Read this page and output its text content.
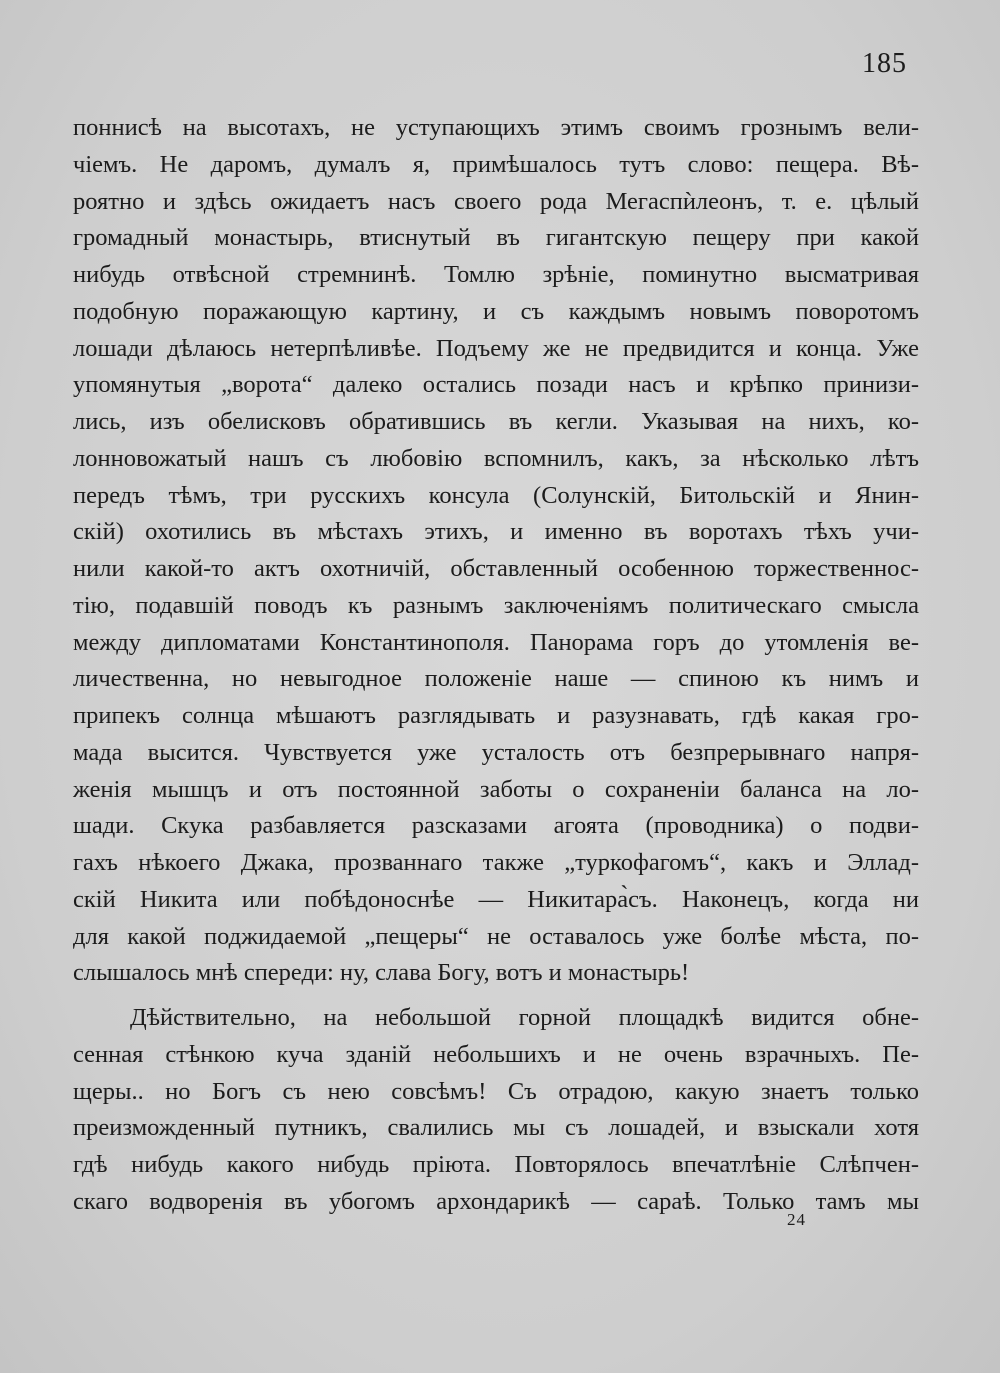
185
поннисѣ на высотахъ, не уступающихъ этимъ своимъ грознымъ вели-
чіемъ. Не даромъ, думалъ я, примѣшалось тутъ слово: пещера. Вѣ-
роятно и здѣсь ожидаетъ насъ своего рода Мегаспѝлеонъ, т. е. цѣлый
громадный монастырь, втиснутый въ гигантскую пещеру при какой
нибудь отвѣсной стремнинѣ. Томлю зрѣніе, поминутно высматривая
подобную поражающую картину, и съ каждымъ новымъ поворотомъ
лошади дѣлаюсь нетерпѣливѣе. Подъему же не предвидится и конца. Уже
упомянутыя „ворота“ далеко остались позади насъ и крѣпко принизи-
лись, изъ обелисковъ обратившись въ кегли. Указывая на нихъ, ко-
лонновожатый нашъ съ любовію вспомнилъ, какъ, за нѣсколько лѣтъ
передъ тѣмъ, три русскихъ консула (Солунскій, Битольскій и Янин-
скій) охотились въ мѣстахъ этихъ, и именно въ воротахъ тѣхъ учи-
нили какой-то актъ охотничій, обставленный особенною торжественнос-
тію, подавшій поводъ къ разнымъ заключеніямъ политическаго смысла
между дипломатами Константинополя. Панорама горъ до утомленія ве-
личественна, но невыгодное положеніе наше — спиною къ нимъ и
припекъ солнца мѣшаютъ разглядывать и разузнавать, гдѣ какая гро-
мада высится. Чувствуется уже усталость отъ безпрерывнаго напря-
женія мышцъ и отъ постоянной заботы о сохраненіи баланса на ло-
шади. Скука разбавляется разсказами агоята (проводника) о подви-
гахъ нѣкоего Джака, прозваннаго также „туркофагомъ“, какъ и Эллад-
скій Никита или побѣдоноснѣе — Никитара̀съ. Наконецъ, когда ни
для какой поджидаемой „пещеры“ не оставалось уже болѣе мѣста, по-
слышалось мнѣ спереди: ну, слава Богу, вотъ и монастырь!
Дѣйствительно, на небольшой горной площадкѣ видится обне-
сенная стѣнкою куча зданій небольшихъ и не очень взрачныхъ. Пе-
щеры.. но Богъ съ нею совсѣмъ! Съ отрадою, какую знаетъ только
преизможденный путникъ, свалились мы съ лошадей, и взыскали хотя
гдѣ нибудь какого нибудь пріюта. Повторялось впечатлѣніе Слѣпчен-
скаго водворенія въ убогомъ архондарикѣ — сараѣ. Только тамъ мы
24
